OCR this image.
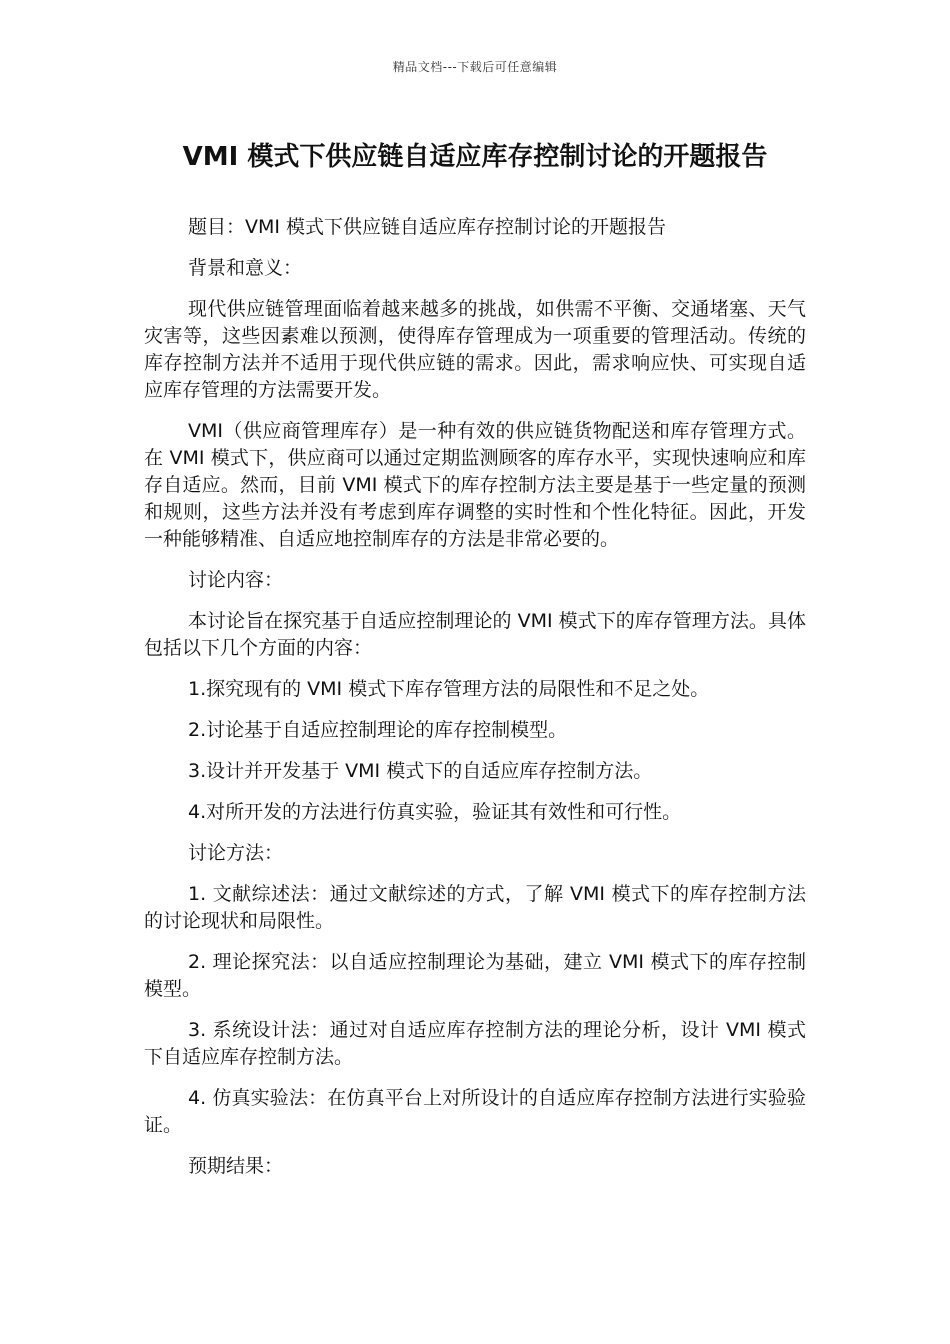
精品文档---下载后可任意编辑
VMI 模式下供应链自适应库存控制讨论的开题报告

题目：VMI 模式下供应链自适应库存控制讨论的开题报告

背景和意义：

现代供应链管理面临着越来越多的挑战，如供需不平衡、交通堵塞、天气灾害等，这些因素难以预测，使得库存管理成为一项重要的管理活动。传统的库存控制方法并不适用于现代供应链的需求。因此，需求响应快、可实现自适应库存管理的方法需要开发。

VMI（供应商管理库存）是一种有效的供应链货物配送和库存管理方式。在 VMI 模式下，供应商可以通过定期监测顾客的库存水平，实现快速响应和库存自适应。然而，目前 VMI 模式下的库存控制方法主要是基于一些定量的预测和规则，这些方法并没有考虑到库存调整的实时性和个性化特征。因此，开发一种能够精准、自适应地控制库存的方法是非常必要的。

讨论内容：

本讨论旨在探究基于自适应控制理论的 VMI 模式下的库存管理方法。具体包括以下几个方面的内容：

1.探究现有的 VMI 模式下库存管理方法的局限性和不足之处。

2.讨论基于自适应控制理论的库存控制模型。

3.设计并开发基于 VMI 模式下的自适应库存控制方法。

4.对所开发的方法进行仿真实验，验证其有效性和可行性。

讨论方法：

1. 文献综述法：通过文献综述的方式，了解 VMI 模式下的库存控制方法的讨论现状和局限性。

2. 理论探究法：以自适应控制理论为基础，建立 VMI 模式下的库存控制模型。

3. 系统设计法：通过对自适应库存控制方法的理论分析，设计 VMI 模式下自适应库存控制方法。

4. 仿真实验法：在仿真平台上对所设计的自适应库存控制方法进行实验验证。

预期结果：
